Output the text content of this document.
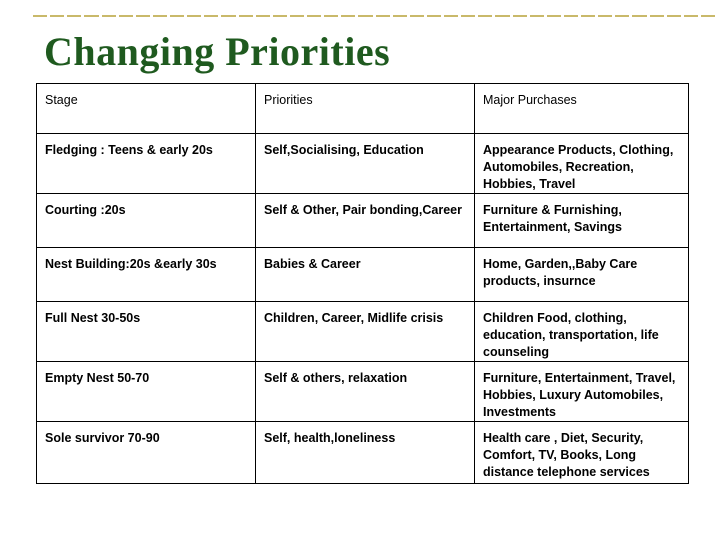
Changing Priorities
Stage	Priorities	Major Purchases
Fledging : Teens & early 20s	Self,Socialising, Education	Appearance Products, Clothing, Automobiles, Recreation, Hobbies, Travel
Courting :20s	Self & Other, Pair bonding,Career	Furniture & Furnishing, Entertainment, Savings
Nest Building:20s &early 30s	Babies & Career	Home, Garden,,Baby Care products, insurnce
Full Nest 30-50s	Children, Career, Midlife crisis	Children Food, clothing, education, transportation, life counseling
Empty Nest 50-70	Self & others, relaxation	Furniture, Entertainment, Travel, Hobbies, Luxury Automobiles, Investments
Sole survivor 70-90	Self, health,loneliness	Health care , Diet, Security, Comfort, TV, Books, Long distance telephone services
